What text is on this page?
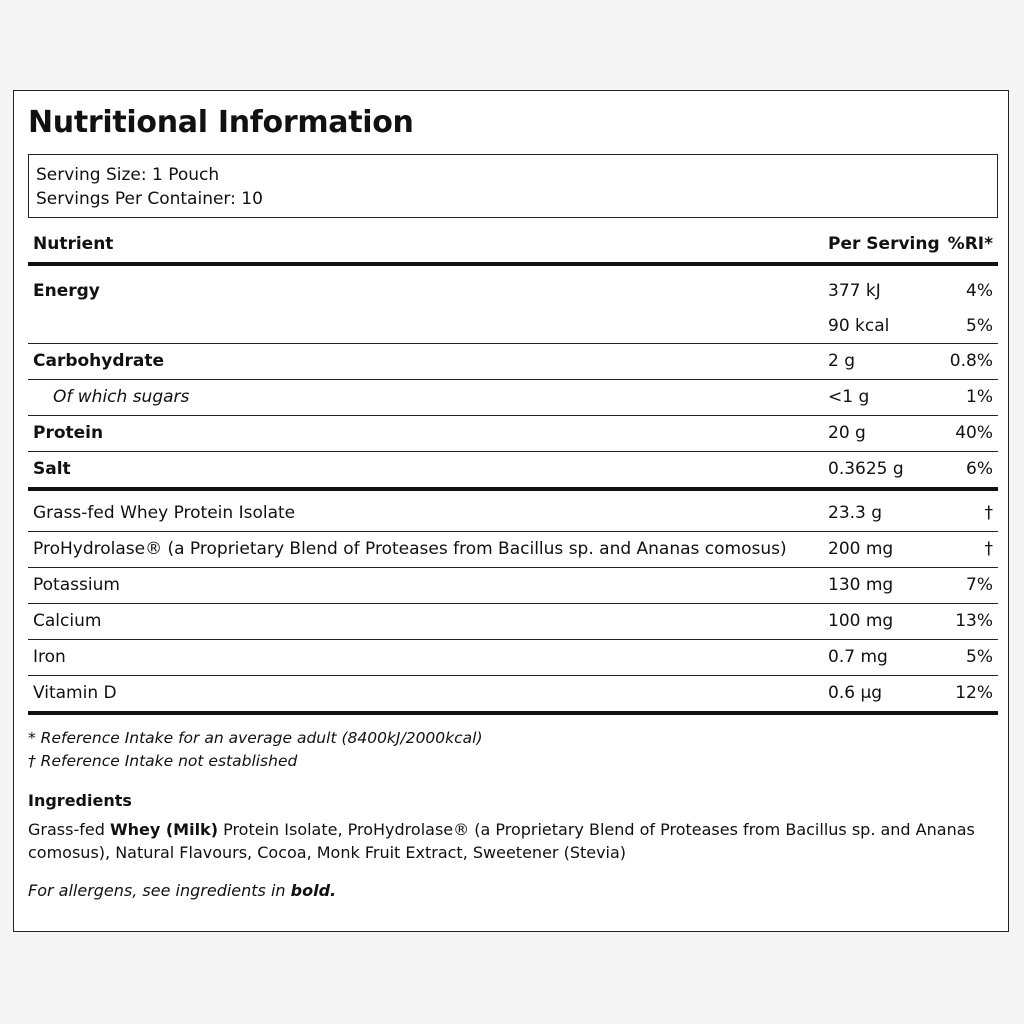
Nutritional Information
Serving Size: 1 Pouch
Servings Per Container: 10
Nutrient	Per Serving %RI*
Energy	377 kJ	4%
90 kcal	5%
Carbohydrate	2 g	0.8%
Of which sugars	<1 g	1%
Protein	20 g	40%
Salt	0.3625 g	6%
Grass-fed Whey Protein Isolate	23.3 g	†
ProHydrolase® (a Proprietary Blend of Proteases from Bacillus sp. and Ananas comosus) 200 mg	†
Potassium	130 mg	7%
Calcium	100 mg	13%
Iron	0.7 mg	5%
Vitamin D	0.6 µg	12%
* Reference Intake for an average adult (8400kJ/2000kcal)
† Reference Intake not established
Ingredients
Grass-fed Whey (Milk) Protein Isolate, ProHydrolase® (a Proprietary Blend of Proteases from Bacillus sp. and Ananas comosus), Natural Flavours, Cocoa, Monk Fruit Extract, Sweetener (Stevia)
For allergens, see ingredients in bold.
